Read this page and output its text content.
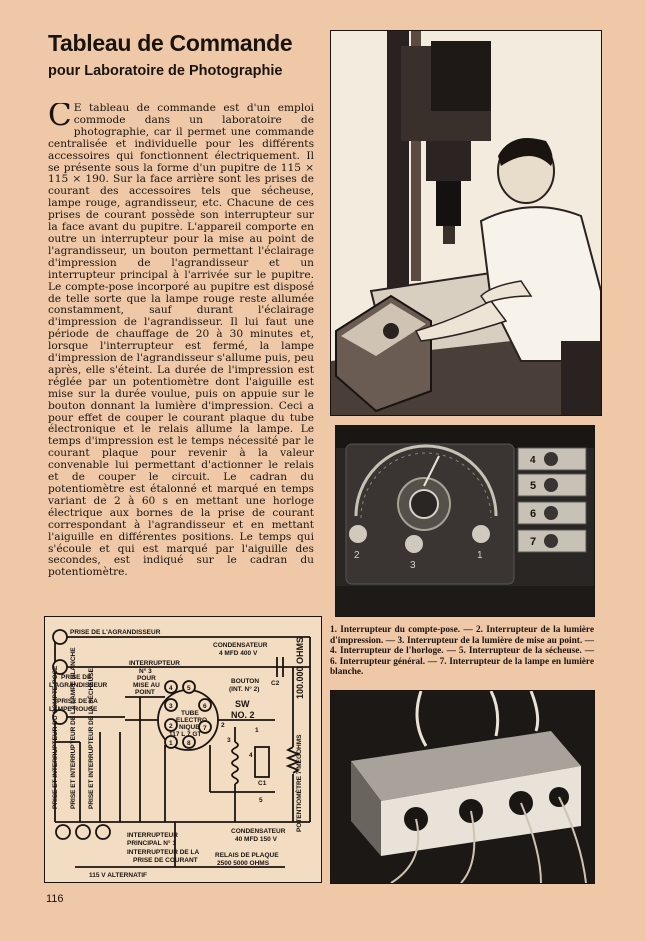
Tableau de Commande
pour Laboratoire de Photographie

C E tableau de commande est d'un emploi commode dans un laboratoire de photographie, car il permet une commande centralisée et individuelle pour les différents accessoires qui fonctionnent électriquement. Il se présente sous la forme d'un pupitre de 115 × 115 × 190. Sur la face arrière sont les prises de courant des accessoires tels que sécheuse, lampe rouge, agrandisseur, etc. Chacune de ces prises de courant possède son interrupteur sur la face avant du pupitre. L'appareil comporte en outre un interrupteur pour la mise au point de l'agrandisseur, un bouton permettant l'éclairage d'impression de l'agrandisseur et un interrupteur principal à l'arrivée sur le pupitre. Le compte-pose incorporé au pupitre est disposé de telle sorte que la lampe rouge reste allumée constamment, sauf durant l'éclairage d'impression de l'agrandisseur. Il lui faut une période de chauffage de 20 à 30 minutes et, lorsque l'interrupteur est fermé, la lampe d'impression de l'agrandisseur s'allume puis, peu après, elle s'éteint. La durée de l'impression est réglée par un potentiomètre dont l'aiguille est mise sur la durée voulue, puis on appuie sur le bouton donnant la lumière d'impression. Ceci a pour effet de couper le courant plaque du tube électronique et le relais allume la lampe. Le temps d'impression est le temps nécessité par le courant plaque pour revenir à la valeur convenable lui permettant d'actionner le relais et de couper le circuit. Le cadran du potentiomètre est étalonné et marqué en temps variant de 2 à 60 s en mettant une horloge électrique aux bornes de la prise de courant correspondant à l'agrandisseur et en mettant l'aiguille en différentes positions. Le temps qui s'écoule et qui est marqué par l'aiguille des secondes, est indiqué sur le cadran du potentiomètre.

2
3
1
4
5
6
7

1. Interrupteur du compte-pose. — 2. Interrupteur de la lumière d'impression. — 3. Interrupteur de la lumière de mise au point. — 4. Interrupteur de l'horloge. — 5. Interrupteur de la sécheuse. — 6. Interrupteur général. — 7. Interrupteur de la lampe en lumière blanche.

PRISE DE L'AGRANDISSEUR
PRISE DE
L'AGRANDISSEUR
PRISE DE LA
LAMPE ROUGE
CONDENSATEUR
4 MFD 400 V
C2 100.000 OHMS
INTERRUPTEUR
N° 3
POUR
MISE AU
POINT
BOUTON
(INT. N° 2)
SW
NO. 2
TUBE
ELECTRO
NIQUE
117 L 7 GT
4 5
3	6
2	7
1 8
2
1
3
4
5
C1	POTENTIOMÈTRE 7 MEGOHMS
PRISE ET INTERRUPTEUR DU COMPTE-POSE PRISE ET INTERRUPTEUR DE LA LAMPE BLANCHE	PRISE ET INTERRUPTEUR DE LA SÉCHEUSE
INTERRUPTEUR
PRINCIPAL N° 1
INTERRUPTEUR DE LA
PRISE DE COURANT
CONDENSATEUR
40 MFD 150 V
RELAIS DE PLAQUE
2500 5000 OHMS
115 V ALTERNATIF
116
